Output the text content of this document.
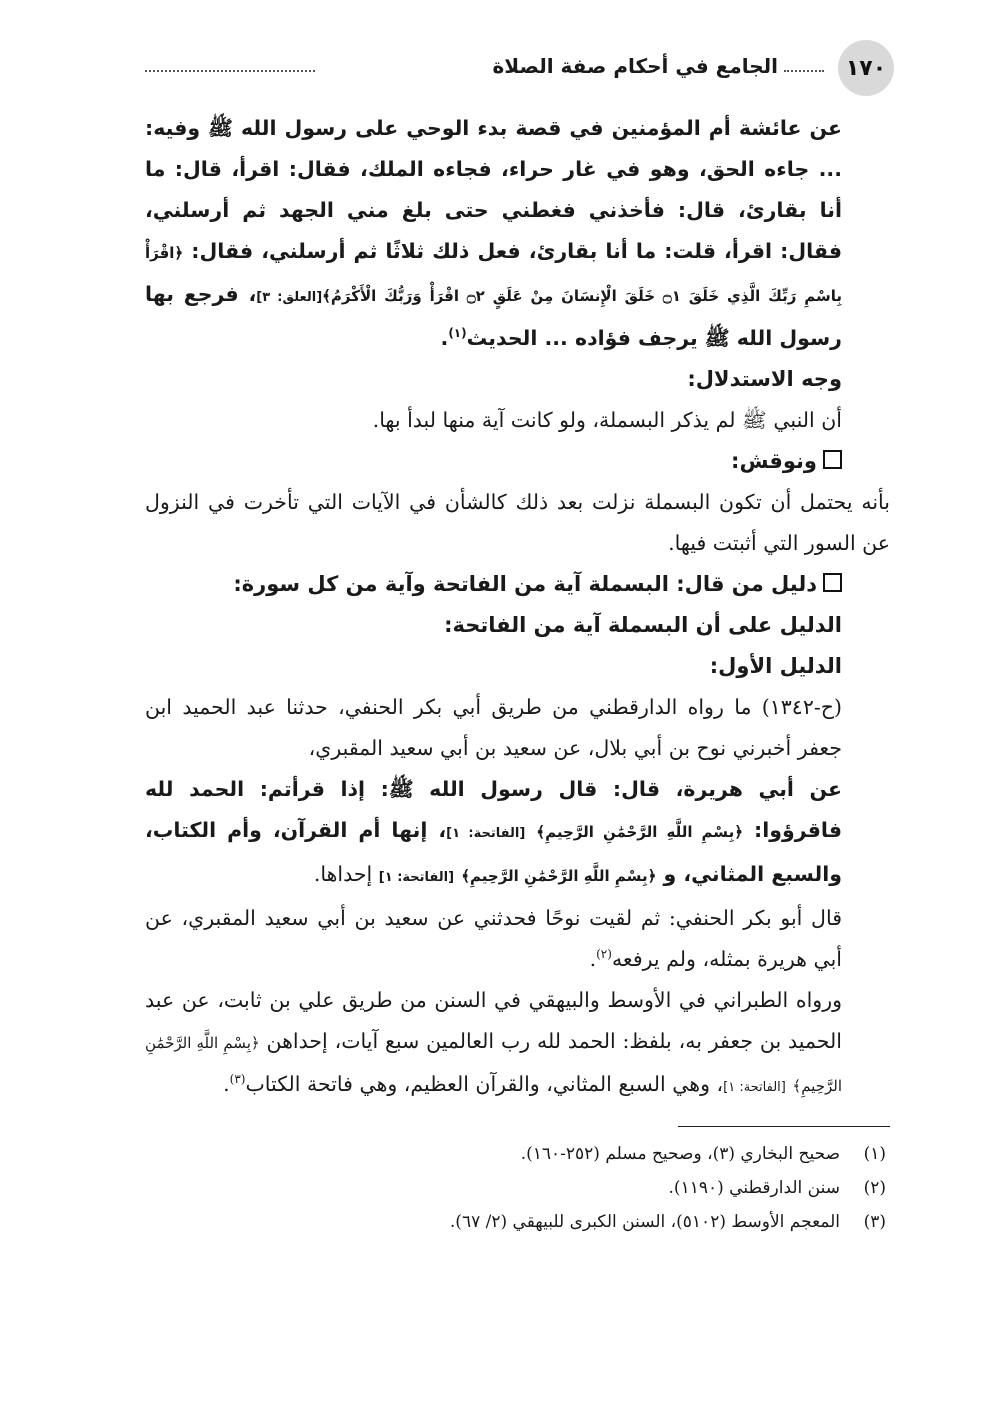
١٧٠
الجامع في أحكام صفة الصلاة

عن عائشة أم المؤمنين في قصة بدء الوحي على رسول الله ﷺ وفيه: ... جاءه الحق، وهو في غار حراء، فجاءه الملك، فقال: اقرأ، قال: ما أنا بقارئ، قال: فأخذني فغطني حتى بلغ مني الجهد ثم أرسلني، فقال: اقرأ، قلت: ما أنا بقارئ، فعل ذلك ثلاثًا ثم أرسلني، فقال: ﴿اقْرَأْ بِاسْمِ رَبِّكَ الَّذِي خَلَقَ ۝١ خَلَقَ الْإِنسَانَ مِنْ عَلَقٍ ۝٢ اقْرَأْ وَرَبُّكَ الْأَكْرَمُ﴾[العلق: ٣]، فرجع بها رسول الله ﷺ يرجف فؤاده ... الحديث$^{(١)}$.

وجه الاستدلال:

أن النبي ﷺ لم يذكر البسملة، ولو كانت آية منها لبدأ بها.

ونوقش:

بأنه يحتمل أن تكون البسملة نزلت بعد ذلك كالشأن في الآيات التي تأخرت في النزول عن السور التي أثبتت فيها.

دليل من قال: البسملة آية من الفاتحة وآية من كل سورة:

الدليل على أن البسملة آية من الفاتحة:

الدليل الأول:

(ح-١٣٤٢) ما رواه الدارقطني من طريق أبي بكر الحنفي، حدثنا عبد الحميد ابن جعفر أخبرني نوح بن أبي بلال، عن سعيد بن أبي سعيد المقبري،

عن أبي هريرة، قال: قال رسول الله ﷺ: إذا قرأتم: الحمد لله فاقرؤوا: ﴿بِسْمِ اللَّهِ الرَّحْمَٰنِ الرَّحِيمِ﴾ [الفاتحة: ١]، إنها أم القرآن، وأم الكتاب، والسبع المثاني، و ﴿بِسْمِ اللَّهِ الرَّحْمَٰنِ الرَّحِيمِ﴾ [الفاتحة: ١] إحداها.

قال أبو بكر الحنفي: ثم لقيت نوحًا فحدثني عن سعيد بن أبي سعيد المقبري، عن أبي هريرة بمثله، ولم يرفعه$^{(٢)}$.

ورواه الطبراني في الأوسط والبيهقي في السنن من طريق علي بن ثابت، عن عبد الحميد بن جعفر به، بلفظ: الحمد لله رب العالمين سبع آيات، إحداهن ﴿بِسْمِ اللَّهِ الرَّحْمَٰنِ الرَّحِيمِ﴾ [الفاتحة: ١]، وهي السبع المثاني، والقرآن العظيم، وهي فاتحة الكتاب$^{(٣)}$.

(١)
صحيح البخاري (٣)، وصحيح مسلم (٢٥٢-١٦٠).
(٢)
سنن الدارقطني (١١٩٠).
(٣)
المعجم الأوسط (٥١٠٢)، السنن الكبرى للبيهقي (٢/ ٦٧).
